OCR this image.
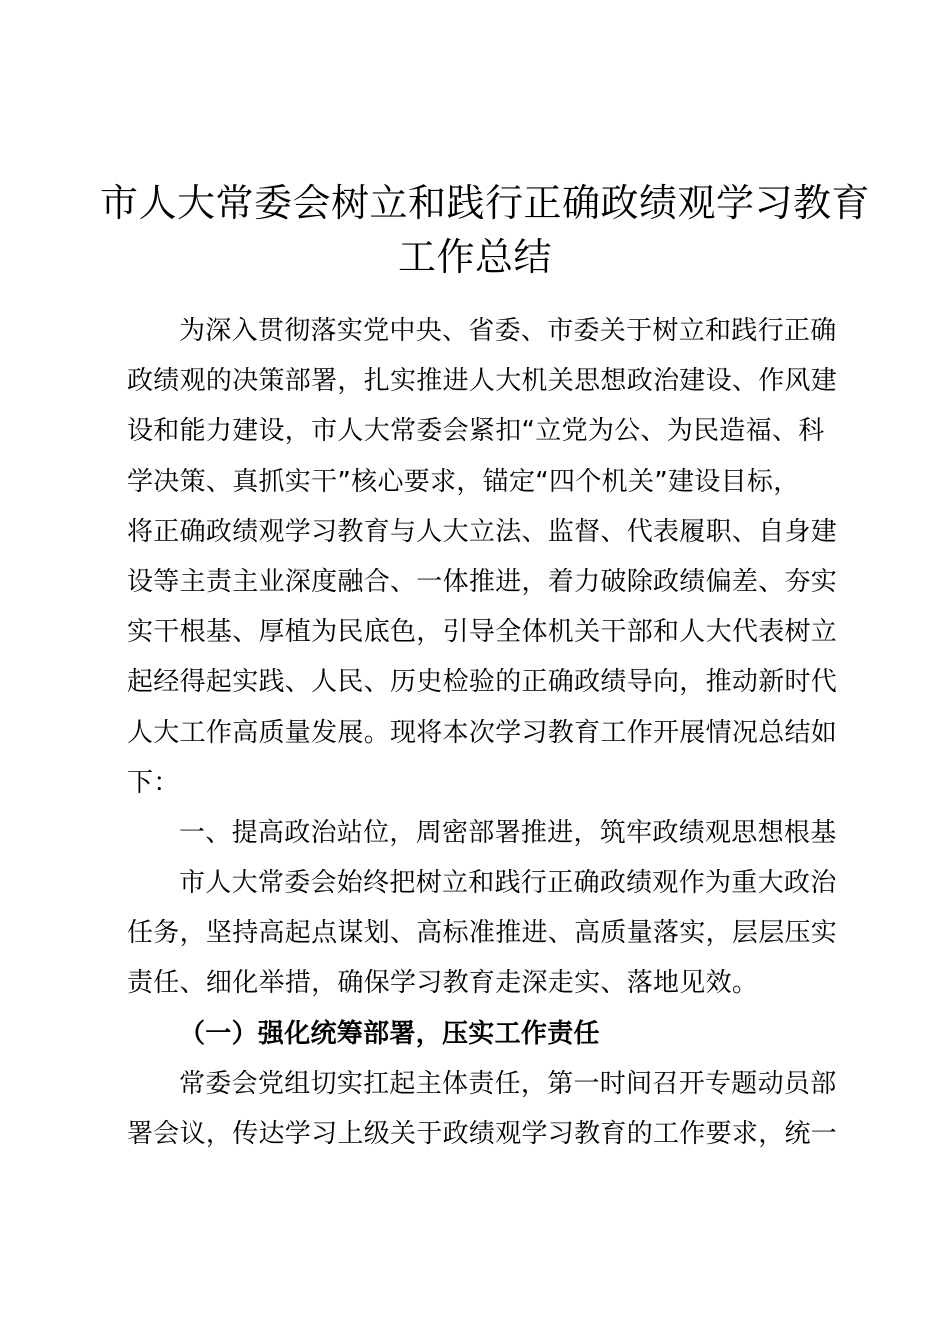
市人大常委会树立和践行正确政绩观学习教育
工作总结
为深入贯彻落实党中央、省委、市委关于树立和践行正确
政绩观的决策部署，扎实推进人大机关思想政治建设、作风建
设和能力建设，市人大常委会紧扣“立党为公、为民造福、科
学决策、真抓实干”核心要求，锚定“四个机关”建设目标，
将正确政绩观学习教育与人大立法、监督、代表履职、自身建
设等主责主业深度融合、一体推进，着力破除政绩偏差、夯实
实干根基、厚植为民底色，引导全体机关干部和人大代表树立
起经得起实践、人民、历史检验的正确政绩导向，推动新时代
人大工作高质量发展。现将本次学习教育工作开展情况总结如
下：
一、提高政治站位，周密部署推进，筑牢政绩观思想根基
市人大常委会始终把树立和践行正确政绩观作为重大政治
任务，坚持高起点谋划、高标准推进、高质量落实，层层压实
责任、细化举措，确保学习教育走深走实、落地见效。
（一）强化统筹部署，压实工作责任
常委会党组切实扛起主体责任，第一时间召开专题动员部
署会议，传达学习上级关于政绩观学习教育的工作要求，统一
